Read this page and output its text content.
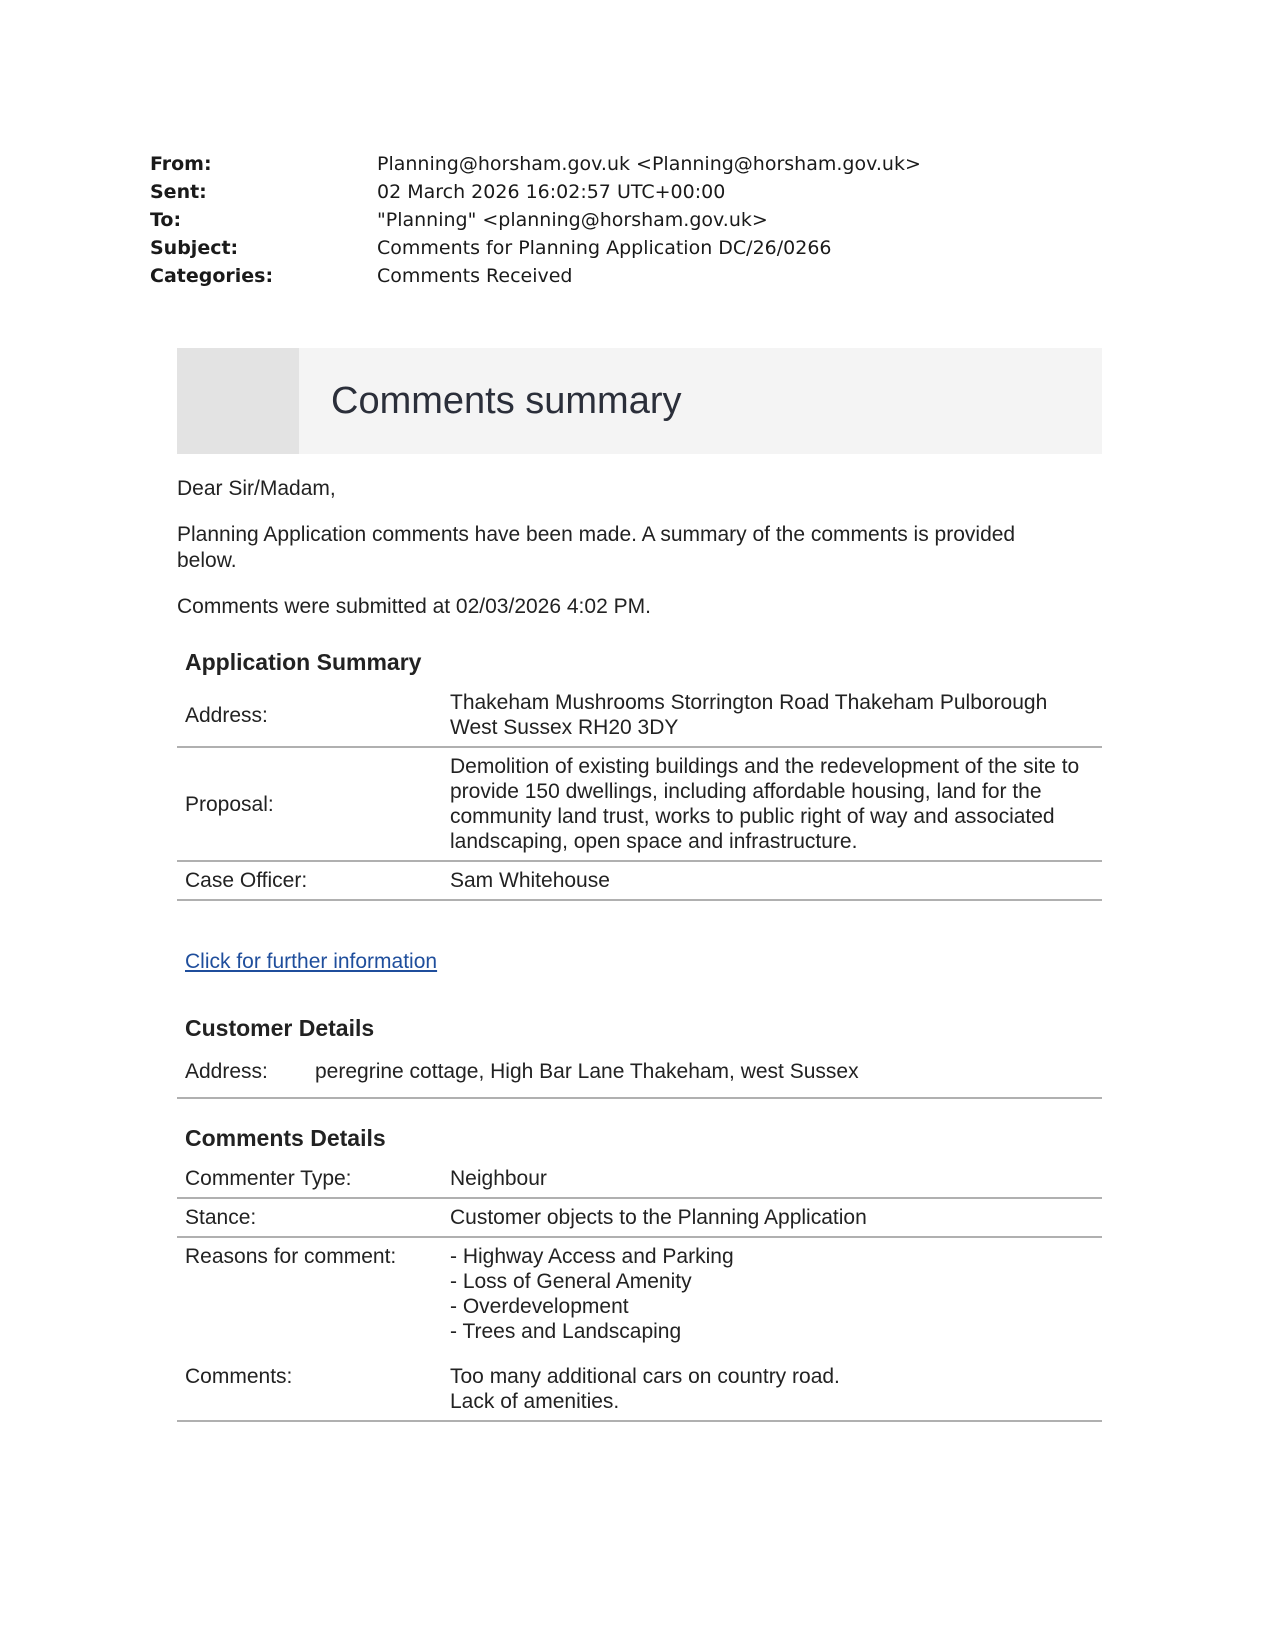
From:	Planning@horsham.gov.uk <Planning@horsham.gov.uk>
Sent:	02 March 2026 16:02:57 UTC+00:00
To:	"Planning" <planning@horsham.gov.uk>
Subject:	Comments for Planning Application DC/26/0266
Categories:	Comments Received
Comments summary
Dear Sir/Madam,
Planning Application comments have been made. A summary of the comments is provided below.
Comments were submitted at 02/03/2026 4:02 PM.
Application Summary
Address:	Thakeham Mushrooms Storrington Road Thakeham Pulborough West Sussex RH20 3DY
Proposal:	Demolition of existing buildings and the redevelopment of the site to provide 150 dwellings, including affordable housing, land for the community land trust, works to public right of way and associated landscaping, open space and infrastructure.
Case Officer:	Sam Whitehouse
Click for further information
Customer Details
Address:	peregrine cottage, High Bar Lane Thakeham, west Sussex
Comments Details
Commenter Type:	Neighbour
Stance:	Customer objects to the Planning Application
Reasons for comment:	- Highway Access and Parking
- Loss of General Amenity
- Overdevelopment
- Trees and Landscaping

Comments:	Too many additional cars on country road.
Lack of amenities.
